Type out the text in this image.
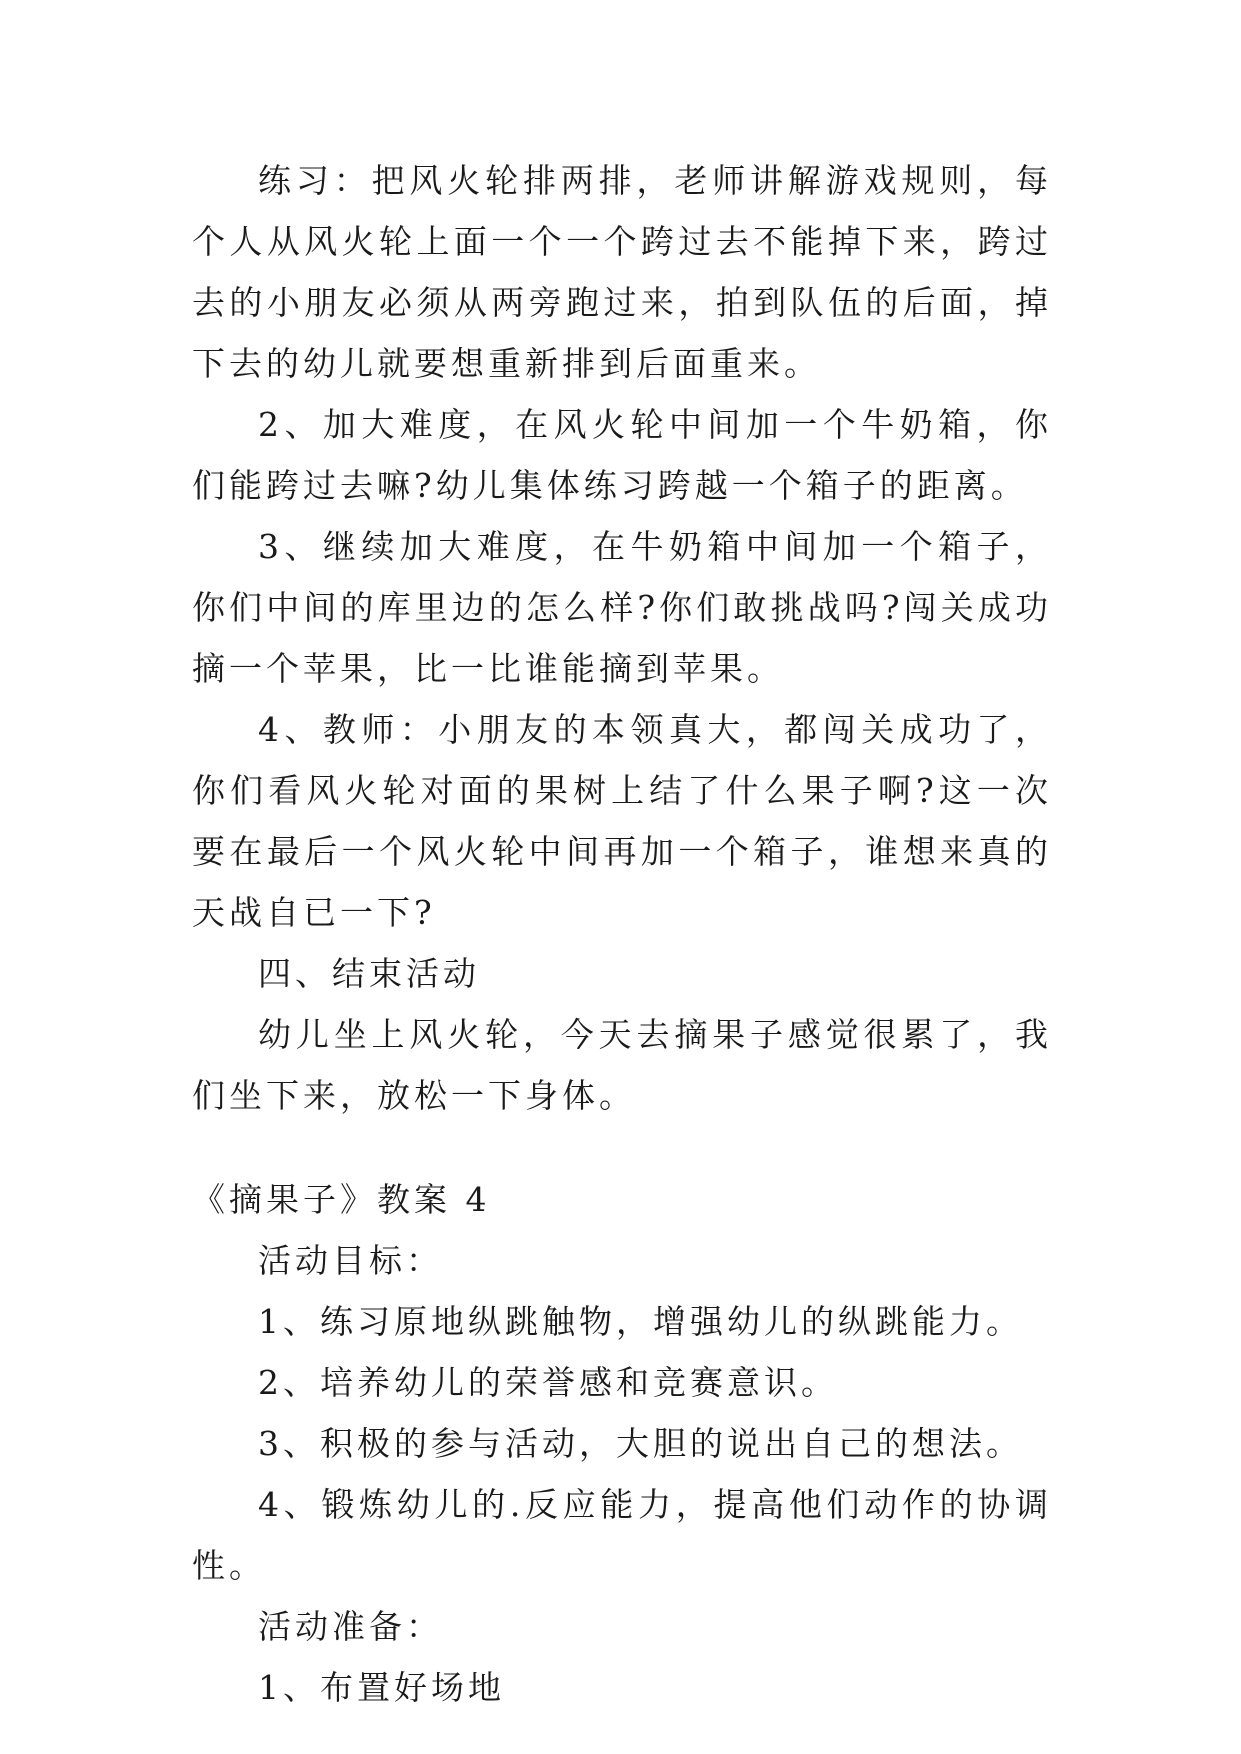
练习：把风火轮排两排，老师讲解游戏规则，每个人从风火轮上面一个一个跨过去不能掉下来，跨过去的小朋友必须从两旁跑过来，拍到队伍的后面，掉下去的幼儿就要想重新排到后面重来。

2、加大难度，在风火轮中间加一个牛奶箱，你们能跨过去嘛?幼儿集体练习跨越一个箱子的距离。

3、继续加大难度，在牛奶箱中间加一个箱子，你们中间的库里边的怎么样?你们敢挑战吗?闯关成功摘一个苹果，比一比谁能摘到苹果。

4、教师：小朋友的本领真大，都闯关成功了，你们看风火轮对面的果树上结了什么果子啊?这一次要在最后一个风火轮中间再加一个箱子，谁想来真的天战自已一下?

四、结束活动

幼儿坐上风火轮，今天去摘果子感觉很累了，我们坐下来，放松一下身体。

《摘果子》教案 4

活动目标：

1、练习原地纵跳触物，增强幼儿的纵跳能力。

2、培养幼儿的荣誉感和竞赛意识。

3、积极的参与活动，大胆的说出自己的想法。

4、锻炼幼儿的.反应能力，提高他们动作的协调性。

活动准备：

1、布置好场地
